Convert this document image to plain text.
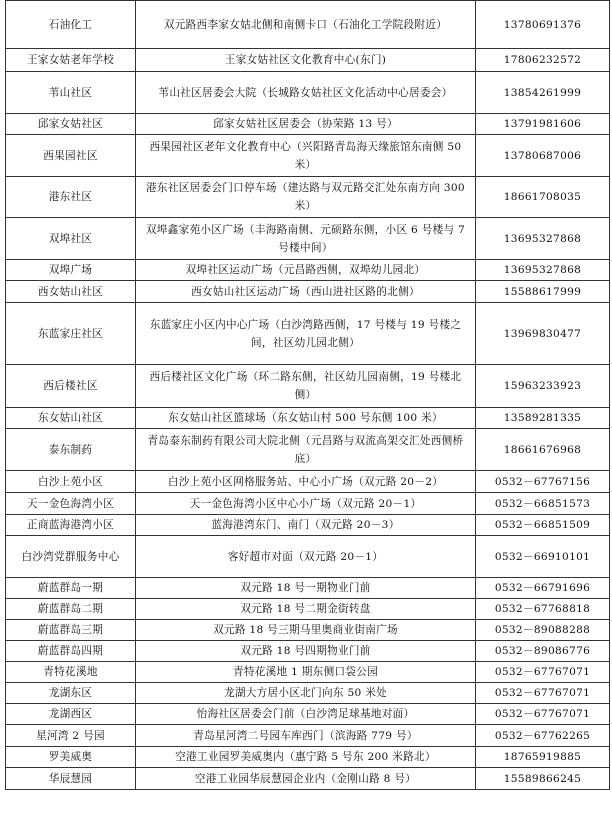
石油化工	双元路西李家女姑北侧和南侧卡口（石油化工学院段附近）	13780691376
王家女姑老年学校	王家女姑社区文化教育中心(东门)	17806232572
苇山社区	苇山社区居委会大院（长城路女姑社区文化活动中心居委会）	13854261999
邱家女姑社区	邱家女姑社区居委会（协荣路 13 号）	13791981606
西果园社区	西果园社区老年文化教育中心（兴阳路青岛海天缘旅馆东南侧 50 米）	13780687006
港东社区	港东社区居委会门口停车场（建达路与双元路交汇处东南方向 300 米）	18661708035
双埠社区	双埠鑫家苑小区广场（丰海路南侧、元硕路东侧，小区 6 号楼与 7 号楼中间）	13695327868
双埠广场	双埠社区运动广场（元昌路西侧，双埠幼儿园北）	13695327868
西女姑山社区	西女姑山社区运动广场（西山进社区路的北侧）	15588617999
东蓝家庄社区	东蓝家庄小区内中心广场（白沙湾路西侧，17 号楼与 19 号楼之间，社区幼儿园北侧）	13969830477
西后楼社区	西后楼社区文化广场（环二路东侧，社区幼儿园南侧，19 号楼北侧）	15963233923
东女姑山社区	东女姑山社区篮球场（东女姑山村 500 号东侧 100 米）	13589281335
泰东制药	青岛泰东制药有限公司大院北侧（元昌路与双流高架交汇处西侧桥底）	18661676968
白沙上苑小区	白沙上苑小区网格服务站、中心小广场（双元路 20－2）	0532－67767156
天一金色海湾小区	天一金色海湾小区中心小广场（双元路 20－1）	0532－66851573
正商蓝海港湾小区	蓝海港湾东门、南门（双元路 20－3）	0532－66851509
白沙湾党群服务中心	客好超市对面（双元路 20－1）	0532－66910101
蔚蓝群岛一期	双元路 18 号一期物业门前	0532－66791696
蔚蓝群岛二期	双元路 18 号二期金街转盘	0532－67768818
蔚蓝群岛三期	双元路 18 号三期马里奥商业街南广场	0532－89088288
蔚蓝群岛四期	双元路 18 号四期物业门前	0532－89086776
青特花溪地	青特花溪地 1 期东侧口袋公园	0532－67767071
龙湖东区	龙湖大方居小区北门向东 50 米处	0532－67767071
龙湖西区	怡海社区居委会门前（白沙湾足球基地对面）	0532－67767071
星河湾 2 号园	青岛星河湾二号园车库西门（滨海路 779 号）	0532－67762265
罗美威奥	空港工业园罗美威奥内（惠宁路 5 号东 200 米路北）	18765919885
华辰慧园	空港工业园华辰慧园企业内（金刚山路 8 号）	15589866245
